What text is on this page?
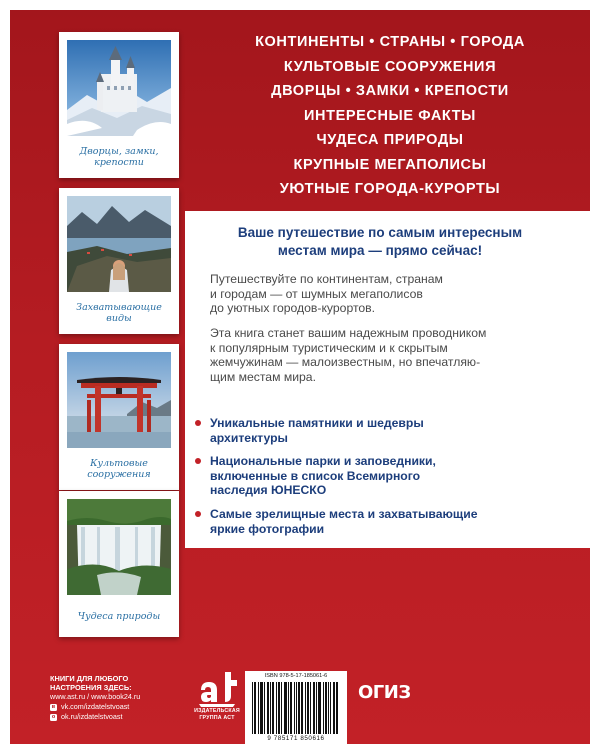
Дворцы, замки,
крепости
Захватывающие
виды
Культовые
сооружения
Чудеса природы
КОНТИНЕНТЫ • СТРАНЫ • ГОРОДА
КУЛЬТОВЫЕ СООРУЖЕНИЯ
ДВОРЦЫ • ЗАМКИ • КРЕПОСТИ
ИНТЕРЕСНЫЕ ФАКТЫ
ЧУДЕСА ПРИРОДЫ
КРУПНЫЕ МЕГАПОЛИСЫ
УЮТНЫЕ ГОРОДА-КУРОРТЫ
Ваше путешествие по самым интересным
местам мира — прямо сейчас!
Путешествуйте по континентам, странам
и городам — от шумных мегаполисов
до уютных городов-курортов.
Эта книга станет вашим надежным проводником
к популярным туристическим и к скрытым
жемчужинам — малоизвестным, но впечатляю-
щим местам мира.
Уникальные памятники и шедевры
архитектуры
Национальные парки и заповедники,
включенные в список Всемирного
наследия ЮНЕСКО
Самые зрелищные места и захватывающие
яркие фотографии
КНИГИ ДЛЯ ЛЮБОГО
НАСТРОЕНИЯ ЗДЕСЬ:
www.ast.ru / www.book24.ru
в vk.com/izdatelstvoast
о ok.ru/izdatelstvoast
ИЗДАТЕЛЬСКАЯ
ГРУППА АСТ
ISBN 978-5-17-185061-6
9 785171 850616
ОГИЗ
